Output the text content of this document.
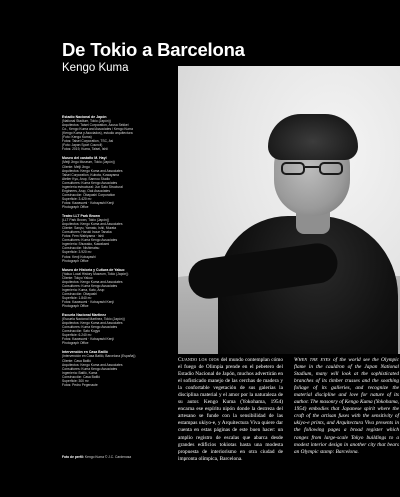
De Tokio a Barcelona
Kengo Kuma
Estadio Nacional de Japón
(National Stadium, Tokio (Japón))
Arquitectos: Taisei Corporation, Azusa Sekkei
Co., Kengo Kuma and Associates / Kengo Kuma
(Kengo Kuma y Asociados), estudio arquitectura
(Foto: Kengo Kuma)
Fotos: Taisei Corporation, TSC, Asi
(Foto: Japan Sport Council)
Fotos: 2019, Kuma, Taisei, Ishii
Museo del castaño M. Hayl
(Meiji Jingu Museum, Tokio (Japón))
Cliente: Meiji Jingu
Arquitectos: Kengo Kuma and Associates
Taisei Corporation, Kubota, Kuwayama
Atelier Kyu, Arup, Sannou Studio
Consultores: Kuma Kengo Associates
Ingeniería estructural: Jun Sato Structural
Engineers, Arup, Oak Associates
Construcción: Obayashi Corporation
Superficie: 3.420 m²
Fotos: Kawasumi · Kobayashi Kenji
Photograph Office
Teatro LLT Park Brown
(LLT Park Brown, Tokio (Japón))
Arquitectos: Kengo Kuma and Associates
Cliente: Sanyu, Yamato, Ishii, Murata
Consultores: Haruki Inoue Tanaka
Fotos: Fem Nishiyama · Ishii
Consultores: Kuma Kengo Associates
Ingeniería: Shuwako, Kawakami
Construcción: Nishimatsu
Superficie: 3.920 m²
Fotos: Kenji Kobayashi
Photograph Office
Museo de Historia y Cultura de Yakuo
(Yakuo Local History Museum, Tokio (Japón))
Cliente: Tokyo Yakuo
Arquitectos: Kengo Kuma and Associates
Consultores: Kuma Kengo Associates
Ingeniería: Kuma, Kato, Arup
Construcción: Obayashi
Superficie: 1.840 m²
Fotos: Kawasumi · Kobayashi Kenji
Photograph Office
Escuela Nacional Martinez
(Escuela Nacional Martinez, Tokio (Japón))
Arquitectos: Kengo Kuma and Associates
Consultores: Kuma Kengo Associates
Construcción: Sato Kogyo
Superficie: 6.240 m²
Fotos: Kawasumi · Kobayashi Kenji
Photograph Office
Intervención en Casa Batlló
(Intervención en Casa Batlló, Barcelona (España))
Cliente: Casa Batlló
Arquitectos: Kengo Kuma and Associates
Consultores: Kuma Kengo Associates
Ingeniería: Batlló, Kuma
Construcción: Casa Batlló
Superficie: 300 m²
Fotos: Pedro Pegenaute
Foto de perfil: Kengo Kuma © J.C. Cardenosa
Cuando los ojos del mundo contemplan cómo el fuego de Olimpia prende en el pebetero del Estadio Nacional de Japón, muchos advertirán en el sofisticado manejo de las cerchas de madera y la confortable vegetación de sus galerías la disciplina material y el amor por la naturaleza de su autor. Kengo Kuma (Yokohama, 1954) encarna ese espíritu nipón donde la destreza del artesano se funde con la sensibilidad de las estampas ukiyo-e, y Arquitectura Viva quiere dar cuenta en estas páginas de este buen hacer: un amplio registro de escalas que abarca desde grandes edificios tokiotas hasta una modesta propuesta de interiorismo en otra ciudad de impronta olímpica, Barcelona.
When the eyes of the world see the Olympic flame in the cauldron of the Japan National Stadium, many will look at the sophisticated branches of its timber trusses and the soothing foliage of its galleries, and recognize the material discipline and love for nature of its author. The masonry of Kengo Kuma (Yokohama, 1954) embodies that Japanese spirit where the craft of the artisan fuses with the sensitivity of ukiyo-e prints, and Arquitectura Viva presents in the following pages a broad register which ranges from large-scale Tokyo buildings to a modest interior design in another city that bears an Olympic stamp: Barcelona.
